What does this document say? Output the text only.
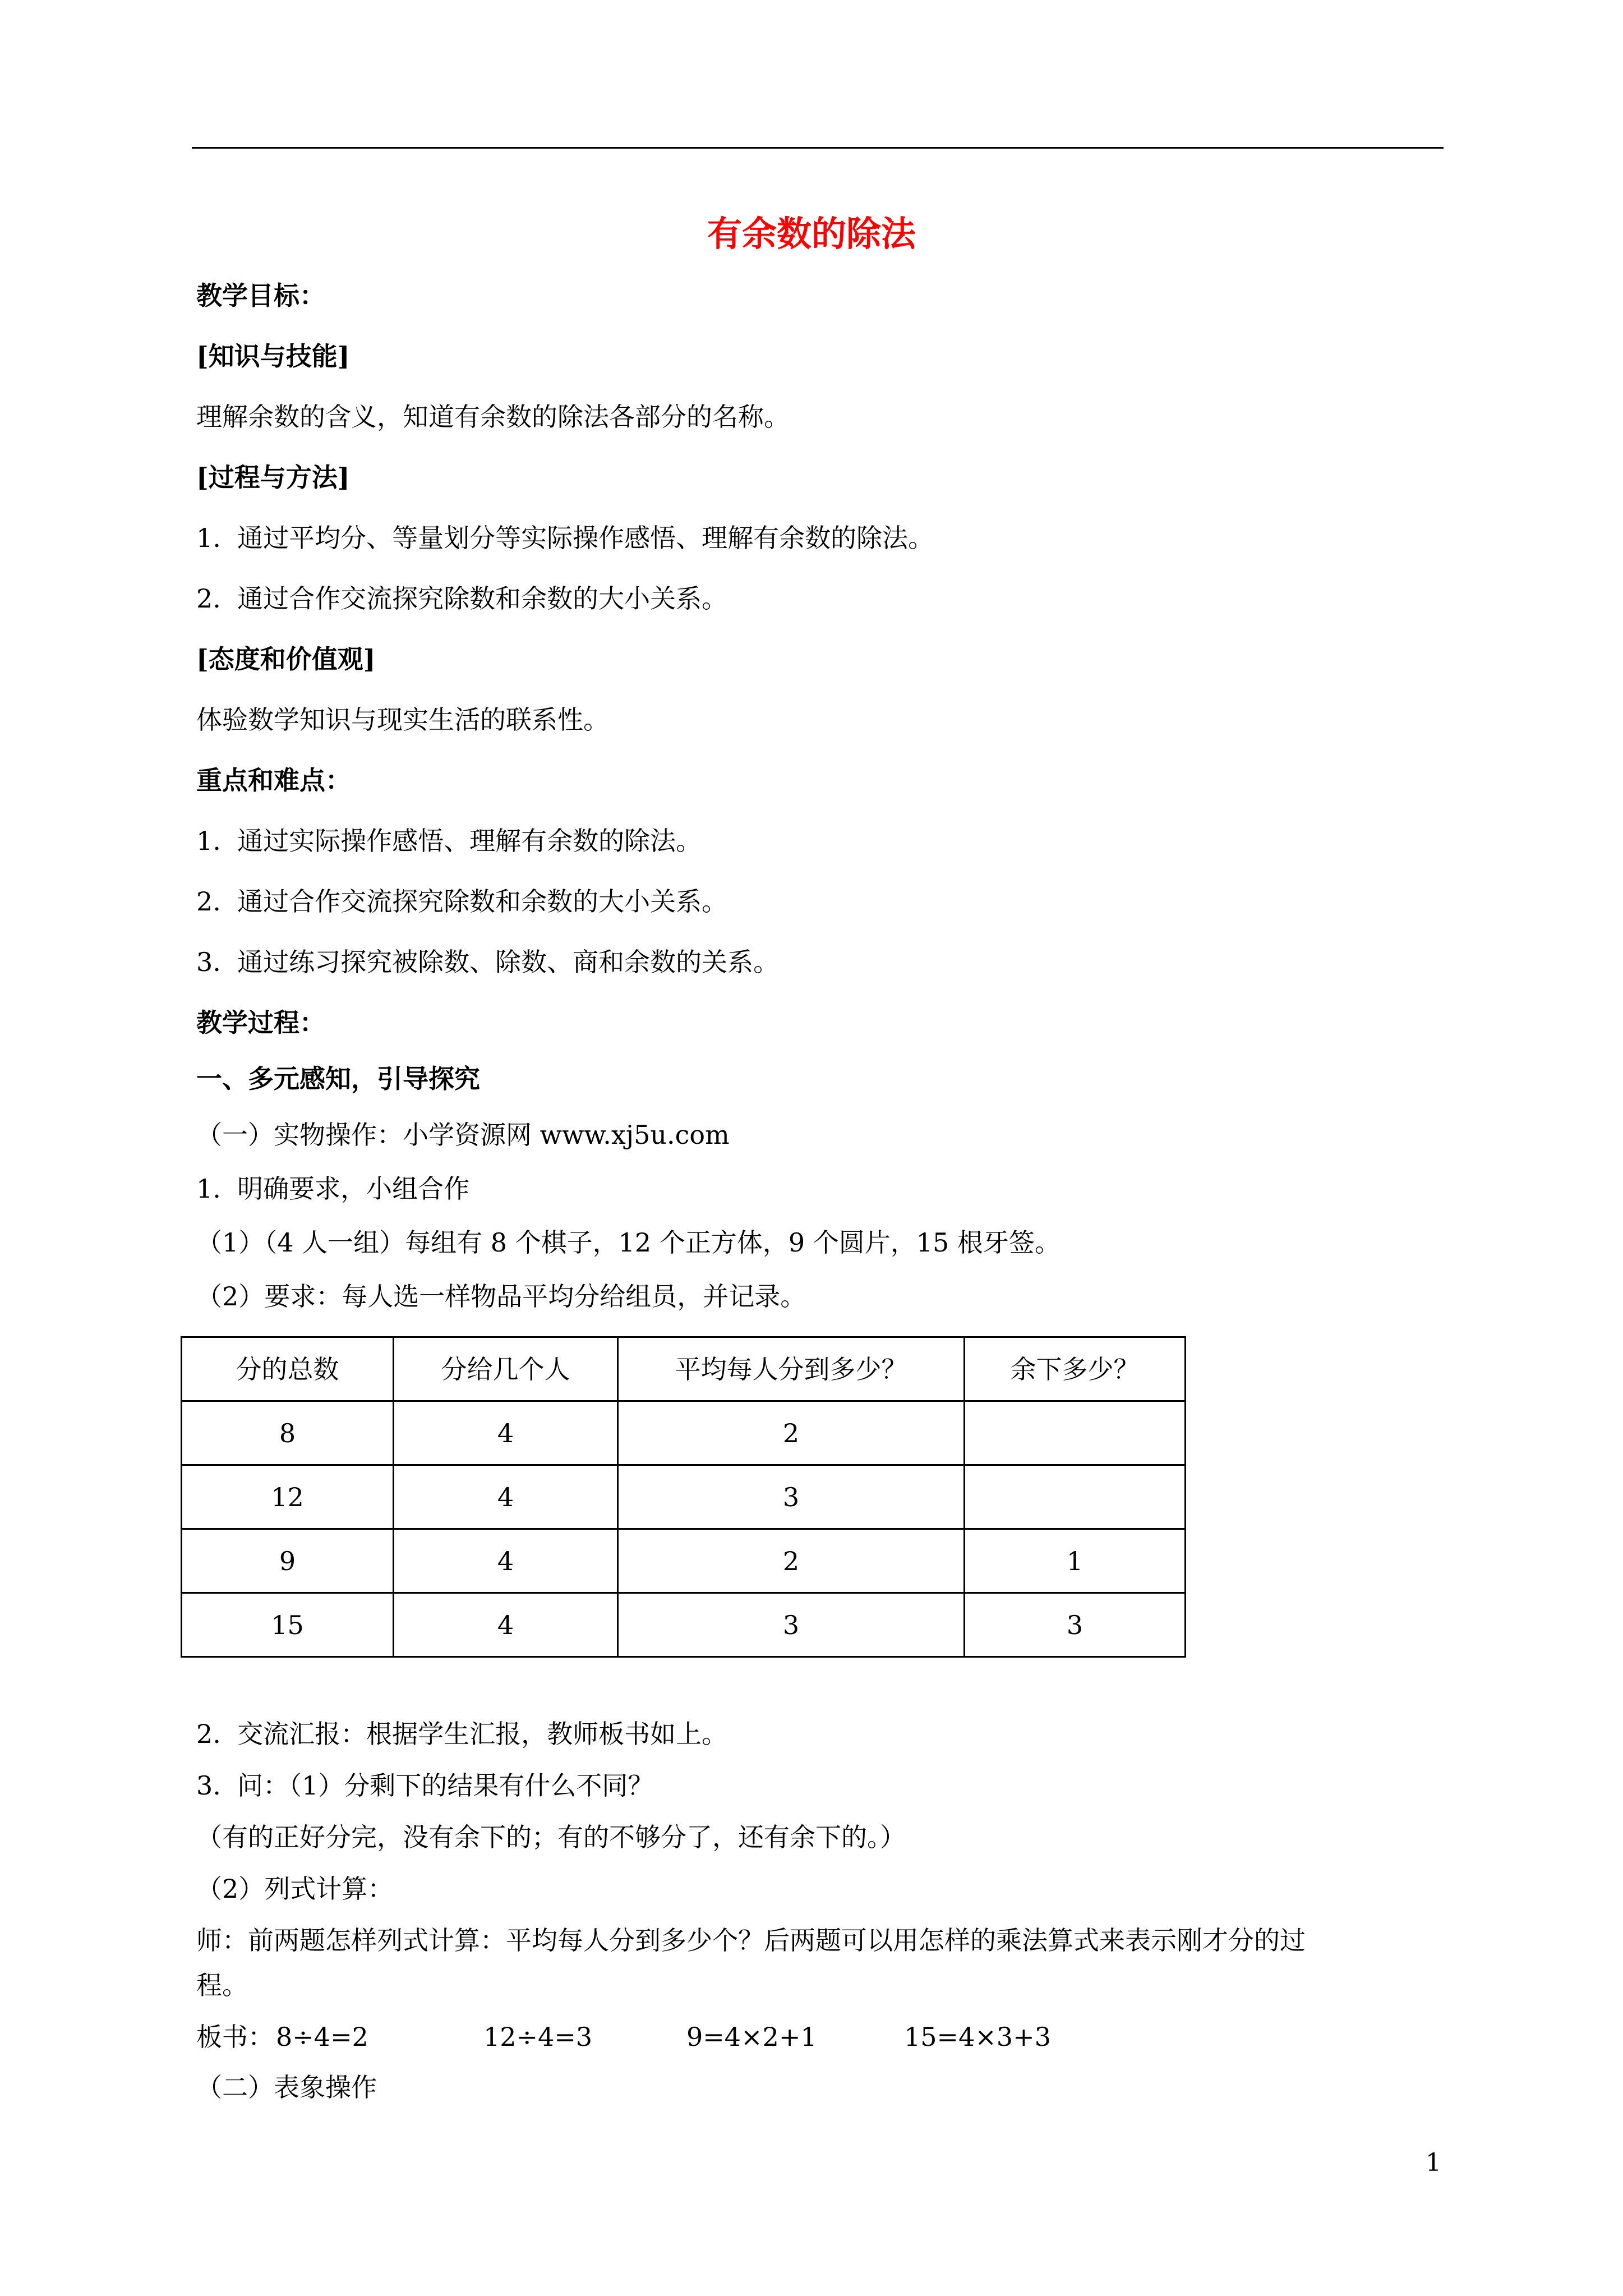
有余数的除法
教学目标：
[知识与技能]
理解余数的含义，知道有余数的除法各部分的名称。
[过程与方法]
1.  通过平均分、等量划分等实际操作感悟、理解有余数的除法。
2.  通过合作交流探究除数和余数的大小关系。
[态度和价值观]
体验数学知识与现实生活的联系性。
重点和难点：
1.  通过实际操作感悟、理解有余数的除法。
2.  通过合作交流探究除数和余数的大小关系。
3.  通过练习探究被除数、除数、商和余数的关系。
教学过程：
一、多元感知，引导探究
（一）实物操作：小学资源网 www.xj5u.com
1.  明确要求，小组合作
（1）（4 人一组）每组有 8 个棋子，12 个正方体，9 个圆片，15 根牙签。
（2）要求：每人选一样物品平均分给组员，并记录。
分的总数	分给几个人	平均每人分到多少？	余下多少？
8	4	2	
12	4	3	
9	4	2	1
15	4	3	3
2.  交流汇报：根据学生汇报，教师板书如上。
3.  问：（1）分剩下的结果有什么不同？
（有的正好分完，没有余下的；有的不够分了，还有余下的。）
（2）列式计算：
师：前两题怎样列式计算：平均每人分到多少个？后两题可以用怎样的乘法算式来表示刚才分的过
程。
板书： 8÷4=2	12÷4=3	9=4×2+1	15=4×3+3
（二）表象操作
1
